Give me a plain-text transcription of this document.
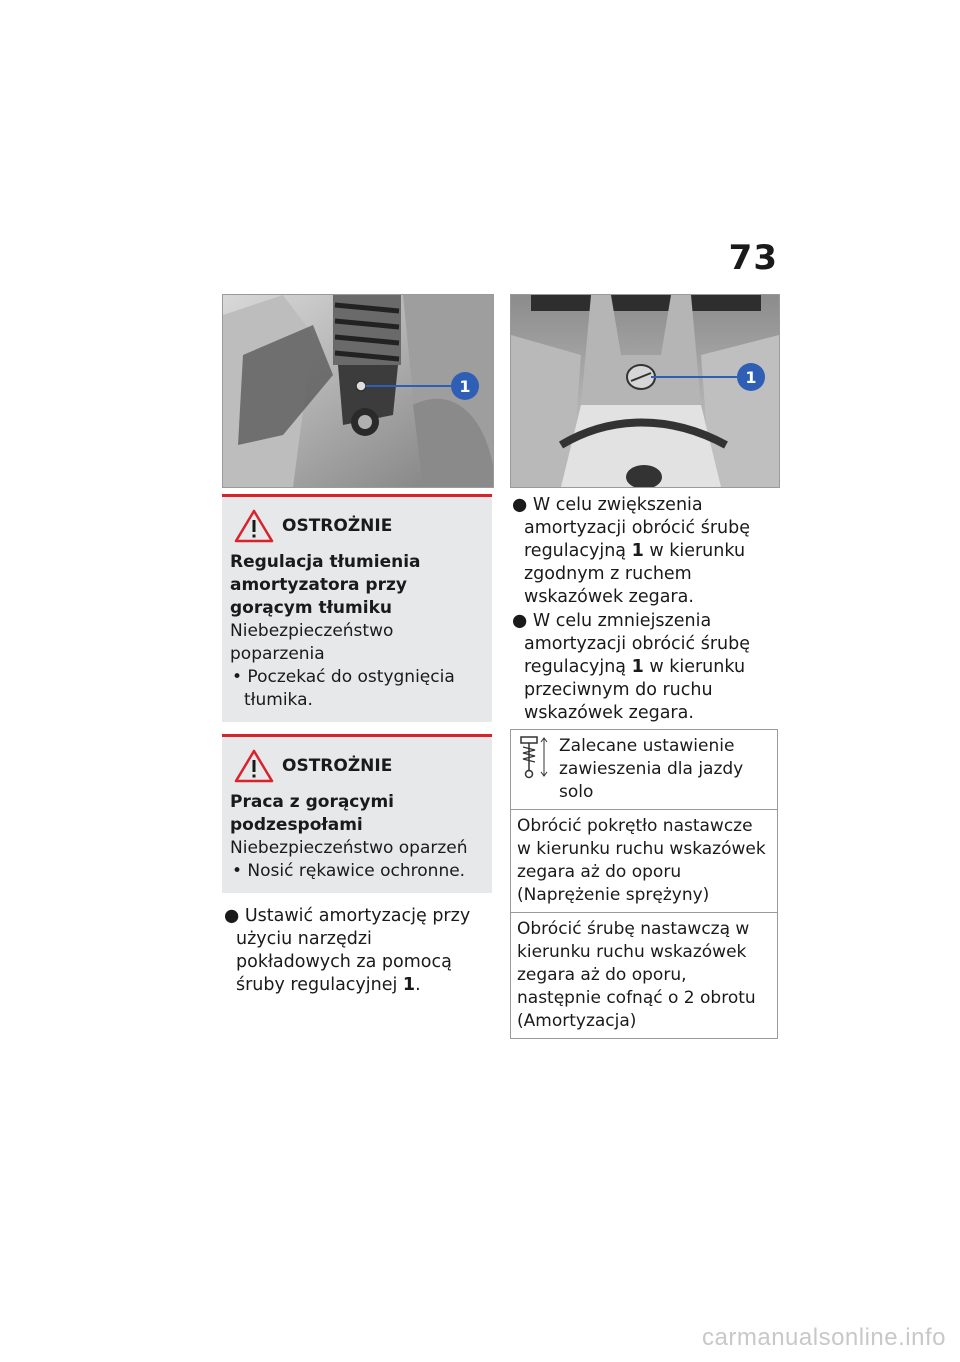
73
1	1
OSTROŻNIE
Regulacja tłumienia amortyzatora przy gorącym tłumiku
Niebezpieczeństwo poparzenia
• Poczekać do ostygnięcia tłumika.
OSTROŻNIE
Praca z gorącymi podzespołami
Niebezpieczeństwo oparzeń
• Nosić rękawice ochronne.
● Ustawić amortyzację przy użyciu narzędzi pokładowych za pomocą śruby regulacyjnej 1.
● W celu zwiększenia amortyzacji obrócić śrubę regulacyjną 1 w kierunku zgodnym z ruchem wskazówek zegara.
● W celu zmniejszenia amortyzacji obrócić śrubę regulacyjną 1 w kierunku przeciwnym do ruchu wskazówek zegara.
Zalecane ustawienie zawieszenia dla jazdy solo

Obrócić pokrętło nastawcze w kierunku ruchu wskazówek zegara aż do oporu (Naprężenie sprężyny)
Obrócić śrubę nastawczą w kierunku ruchu wskazówek zegara aż do oporu, następnie cofnąć o 2 obrotu (Amortyzacja)
carmanualsonline.info
